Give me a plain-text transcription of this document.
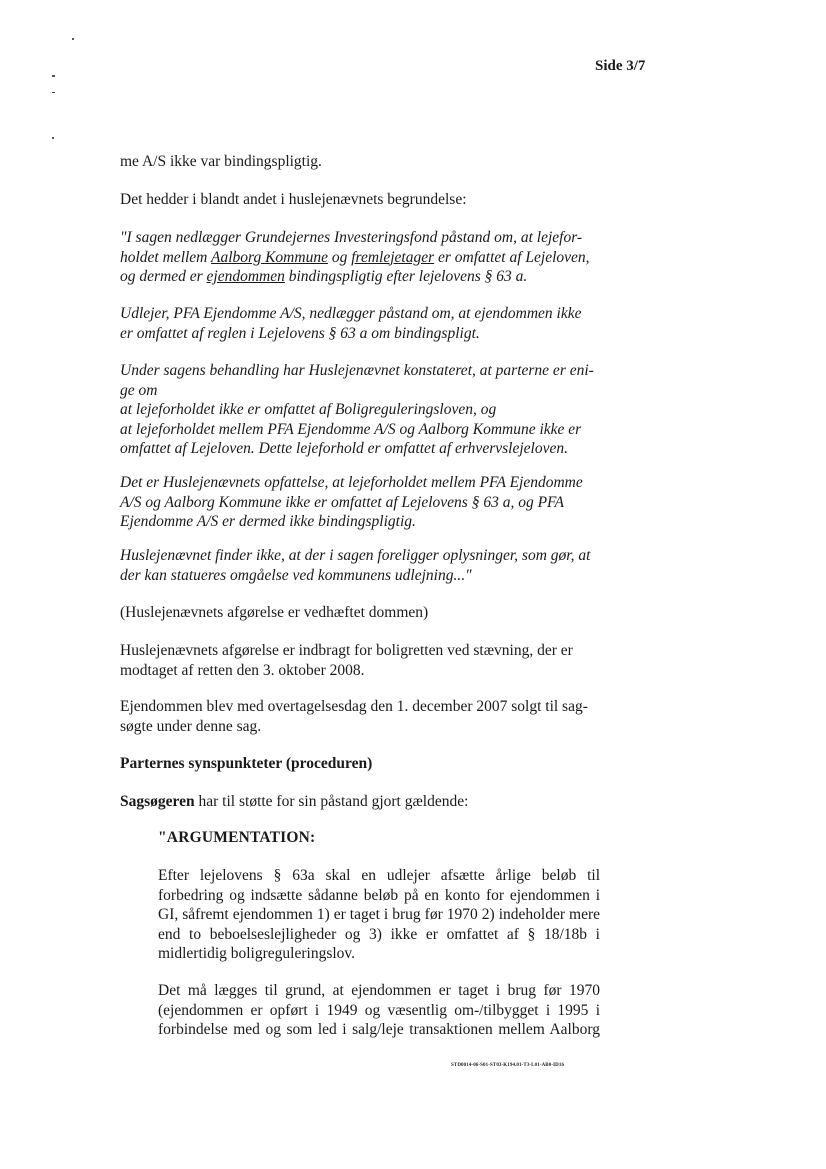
Side 3/7

me A/S ikke var bindingspligtig.

Det hedder i blandt andet i huslejenævnets begrundelse:

"I sagen nedlægger Grundejernes Investeringsfond påstand om, at lejefor-
holdet mellem Aalborg Kommune og fremlejetager er omfattet af Lejeloven,
og dermed er ejendommen bindingspligtig efter lejelovens § 63 a.
Udlejer, PFA Ejendomme A/S, nedlægger påstand om, at ejendommen ikke
er omfattet af reglen i Lejelovens § 63 a om bindingspligt.
Under sagens behandling har Huslejenævnet konstateret, at parterne er eni-
ge om
at lejeforholdet ikke er omfattet af Boligreguleringsloven, og
at lejeforholdet mellem PFA Ejendomme A/S og Aalborg Kommune ikke er
omfattet af Lejeloven. Dette lejeforhold er omfattet af erhvervslejeloven.
Det er Huslejenævnets opfattelse, at lejeforholdet mellem PFA Ejendomme
A/S og Aalborg Kommune ikke er omfattet af Lejelovens § 63 a, og PFA
Ejendomme A/S er dermed ikke bindingspligtig.
Huslejenævnet finder ikke, at der i sagen foreligger oplysninger, som gør, at
der kan statueres omgåelse ved kommunens udlejning..."

(Huslejenævnets afgørelse er vedhæftet dommen)

Huslejenævnets afgørelse er indbragt for boligretten ved stævning, der er
modtaget af retten den 3. oktober 2008.
Ejendommen blev med overtagelsesdag den 1. december 2007 solgt til sag-
søgte under denne sag.

Parternes synspunkteter (proceduren)

Sagsøgeren har til støtte for sin påstand gjort gældende:

"ARGUMENTATION:

Efter lejelovens § 63a skal en udlejer afsætte årlige beløb til
forbedring og indsætte sådanne beløb på en konto for ejendommen i
GI, såfremt ejendommen 1) er taget i brug før 1970 2) indeholder mere
end to beboelseslejligheder og 3) ikke er omfattet af § 18/18b i
midlertidig boligreguleringslov.
Det må lægges til grund, at ejendommen er taget i brug før 1970
(ejendommen er opført i 1949 og væsentlig om-/tilbygget i 1995 i
forbindelse med og som led i salg/leje transaktionen mellem Aalborg
STD0014-06-S01-ST03-K194.01-T3-L01-AB0-ID16
